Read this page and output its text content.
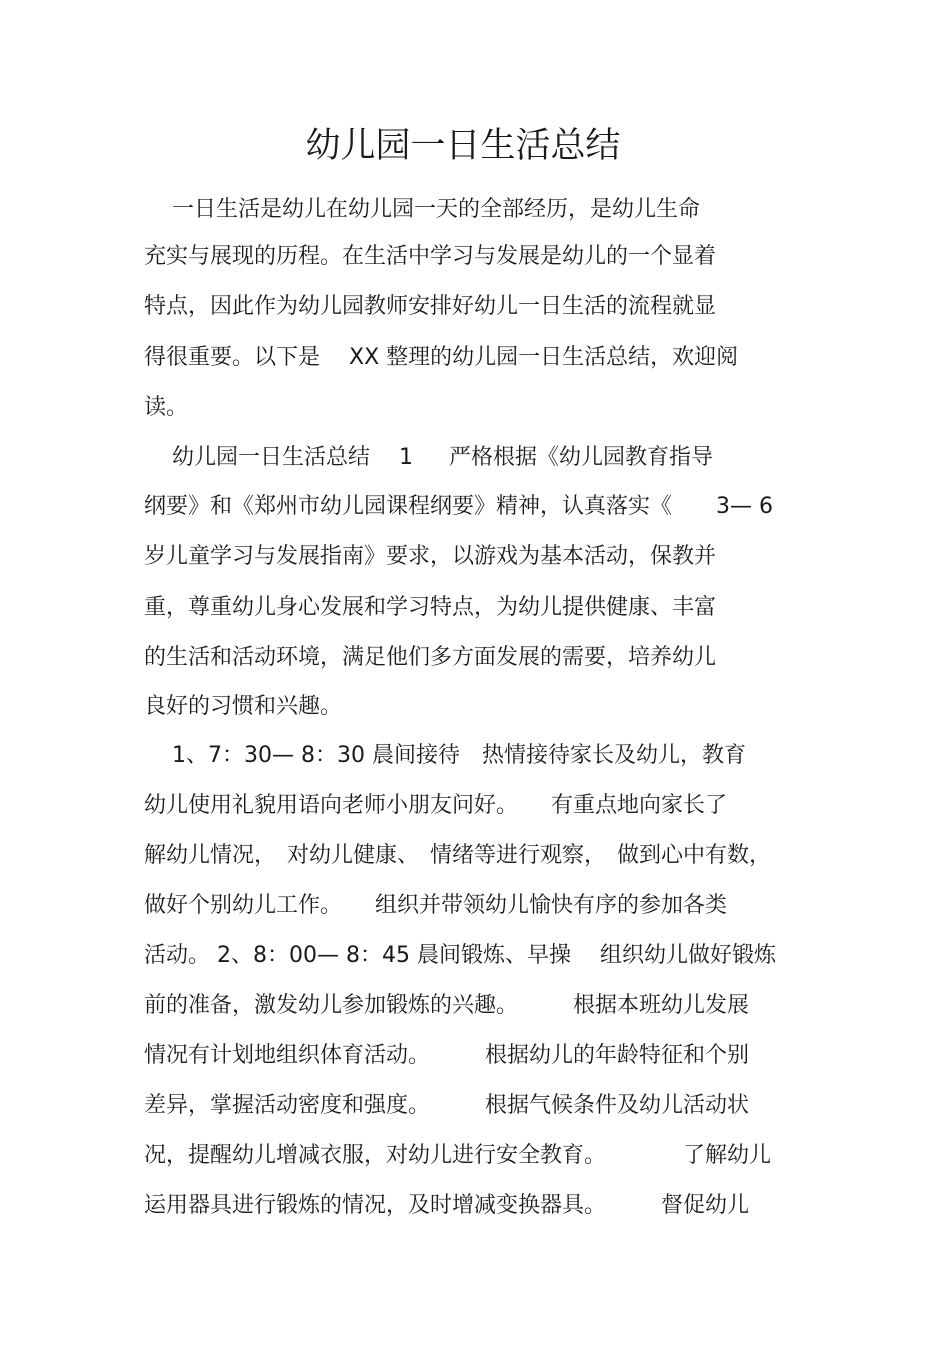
幼儿园一日生活总结
一日生活是幼儿在幼儿园一天的全部经历，是幼儿生命
充实与展现的历程。在生活中学习与发展是幼儿的一个显着
特点，因此作为幼儿园教师安排好幼儿一日生活的流程就显
得很重要。以下是　 XX 整理的幼儿园一日生活总结，欢迎阅
读。
幼儿园一日生活总结　 1 　 严格根据《幼儿园教育指导
纲要》和《郑州市幼儿园课程纲要》精神，认真落实《　　3— 6
岁儿童学习与发展指南》要求，以游戏为基本活动，保教并
重，尊重幼儿身心发展和学习特点，为幼儿提供健康、丰富
的生活和活动环境，满足他们多方面发展的需要，培养幼儿
良好的习惯和兴趣。
1、7：30— 8：30 晨间接待　热情接待家长及幼儿，教育
幼儿使用礼貌用语向老师小朋友问好。　　有重点地向家长了
解幼儿情况，　对幼儿健康、　情绪等进行观察，　做到心中有数，
做好个别幼儿工作。　　组织并带领幼儿愉快有序的参加各类
活动。 2、8：00— 8：45 晨间锻炼、早操　 组织幼儿做好锻炼
前的准备，激发幼儿参加锻炼的兴趣。　　　根据本班幼儿发展
情况有计划地组织体育活动。　　　根据幼儿的年龄特征和个别
差异，掌握活动密度和强度。　　　根据气候条件及幼儿活动状
况，提醒幼儿增减衣服，对幼儿进行安全教育。　　　　了解幼儿
运用器具进行锻炼的情况，及时增减变换器具。　　　督促幼儿
